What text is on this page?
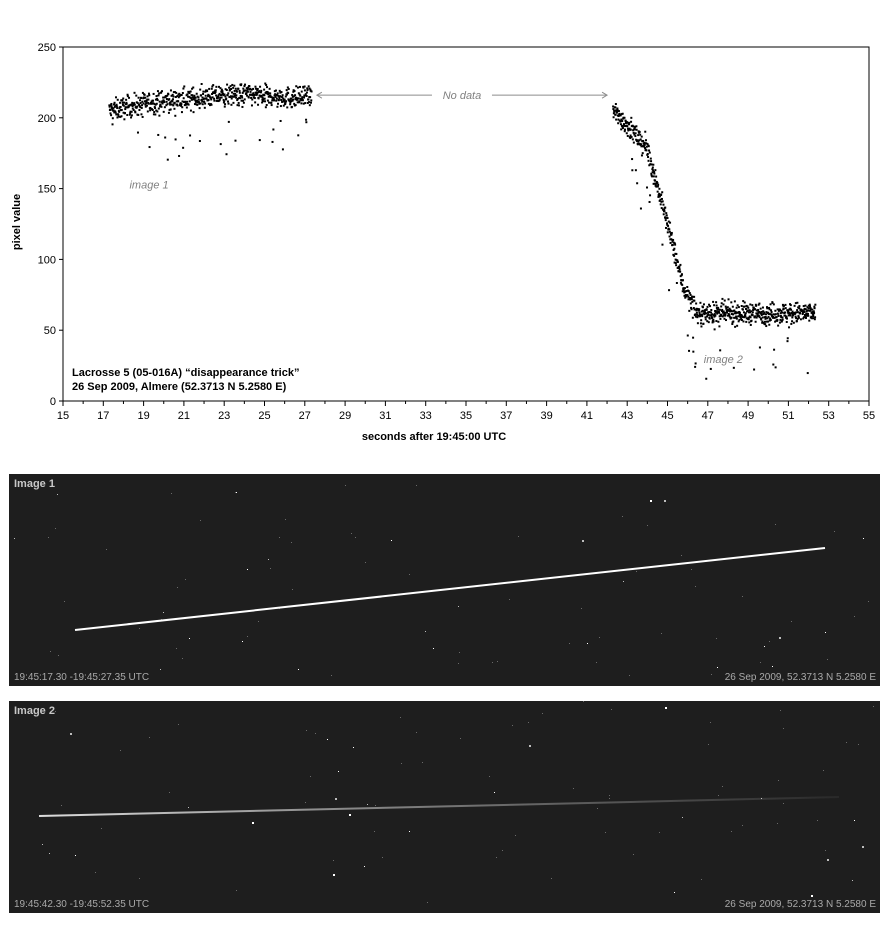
0
50
100
150
200
250
15	17	19	21	23	25	27	29	31	33	35	37	39	41	43	45	47	49	51	53	55
No data
image 1
image 2
Lacrosse 5 (05-016A) “disappearance trick”
26 Sep 2009, Almere (52.3713 N 5.2580 E)
seconds after 19:45:00 UTC
pixel value
Image 1
19:45:17.30 -19:45:27.35 UTC	26 Sep 2009, 52.3713 N 5.2580 E
Image 2
19:45:42.30 -19:45:52.35 UTC	26 Sep 2009, 52.3713 N 5.2580 E
